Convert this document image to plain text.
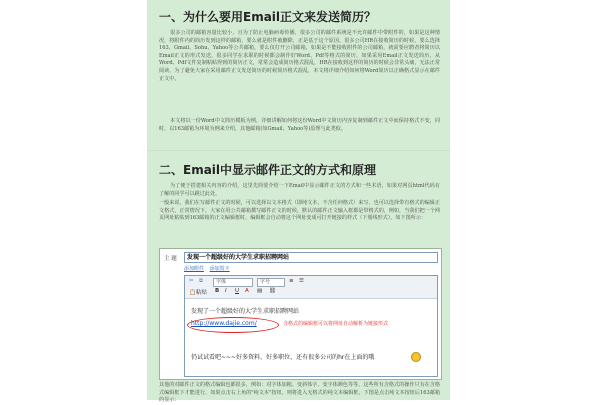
一、为什么要用Email正文来发送简历？

很多公司的邮箱容量比较小，且为了防止电脑病毒传播，很多公司的邮件系统是不允许邮件中带附件的，如果是这种情况，将附件内的简历发到这样的邮箱，要么就是附件被删除，正是基于这个原因，很多公司HR在接收简历的时候，要么选择163、Gmail、Sohu、Yahoo等公共邮箱，要么仅打开公司邮箱，如果是不能接收附件的公司邮箱，就需要应聘者将简历以Email正文的形式发送，很多同学在求职的时候都会制作好Word、Pdf等格式的简历，如果采用Email正文发送简历，从Word、Pdf文件复制粘贴得到的简历正文，常常会造成简历格式混乱，HR在接收到这样的简历的时候会非常头痛，无法正常阅读，为了避免大家在采用邮件正文发送简历的时候简历格式混乱，本文将详细介绍如何将Word简历以正确格式显示在邮件正文中。

本文将以一份Word中文简历模板为例，详细讲解如何将这份Word中文简历内容复制到邮件正文中而保持格式不变，同时，以163邮箱为环境为例来介绍，其他邮箱(如Gmail、Yahoo等)原理与此类似。

二、Email中显示邮件正文的方式和原理

为了便于搭建相关内容的介绍，这里先简要介绍一下Email中显示邮件正文的方式和一些术语，如果对网页html代码有了解的同学可以跳过此处。

一般来说，我们在写邮件正文的时候，可以选择以文本格式（即纯文本，不含任何格式）来写，也可以选择带有格式的编辑正文格式，正常情况下，大家在用公共邮箱撰写邮件正文的时候，默认的邮件正文输入框都是带格式的，例如，当我们把一个网页网址粘贴到163邮箱的正文编辑框时，编辑框会自动将这个网址变成可打开链接的样式（下划线形式），如下图所示：

主 题	发现一个超级好的大学生求职招聘网站
添加附件 添加贺卡
✂ ⧉	字体	字号	≡ ☰
📋粘贴 B I U A ▤ ⛓
发现了一个超级好的大学生求职招聘网站
http://www.dajie.com/	含格式的编辑框可以将网址自动解析为链接形式
仍试试看吧~~~好多资料，好多职位，还有很多公司的hr在上面的哦

其他的对邮件正文的格式编辑也都很多，例如：对字体加粗、变斜体字、变字体颜色等等，这些所有含格式的操作只有在含格式编辑框下才能进行，如果点击右上角的"纯文本"按钮，则将进入无格式的纯文本编辑框，下图是点击纯文本按钮后163邮箱的显示：
